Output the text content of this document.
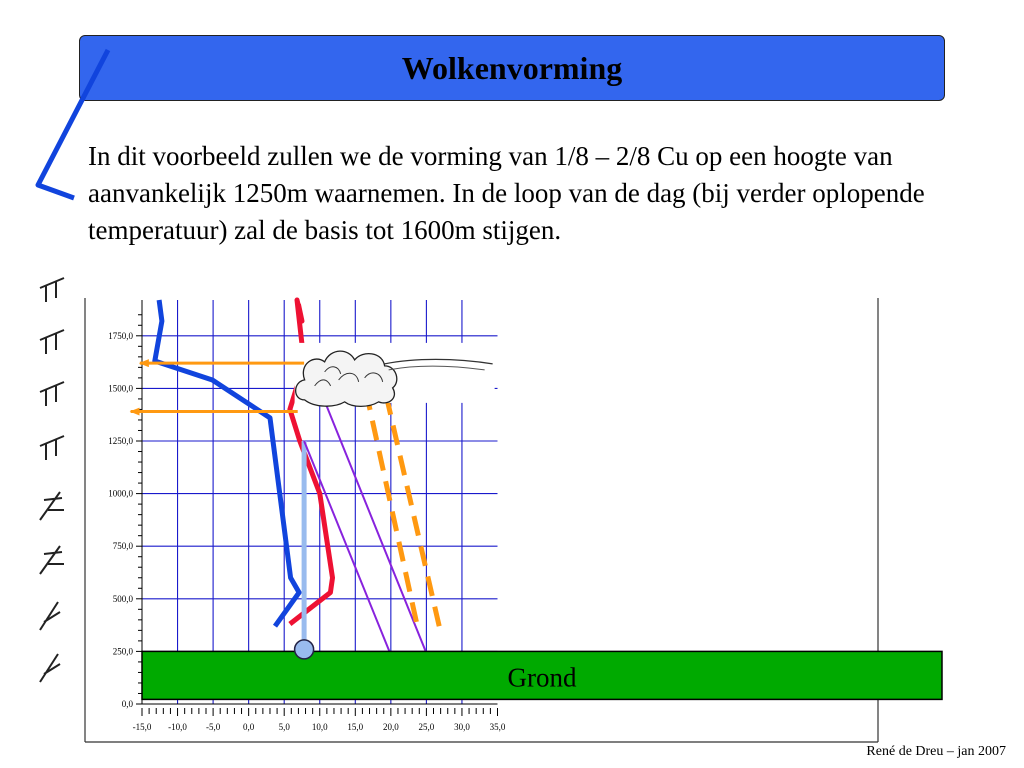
Wolkenvorming
In dit voorbeeld zullen we de vorming van 1/8 – 2/8 Cu op een hoogte van aanvankelijk 1250m waarnemen. In de loop van de dag (bij verder oplopende temperatuur) zal de basis tot 1600m stijgen.
0,0
250,0
500,0
750,0
1000,0
1250,0
1500,0
1750,0
-15,0 -10,0 -5,0	0,0	5,0 10,0 15,0 20,0 25,0 30,0 35,0
Grond
René de Dreu – jan 2007
